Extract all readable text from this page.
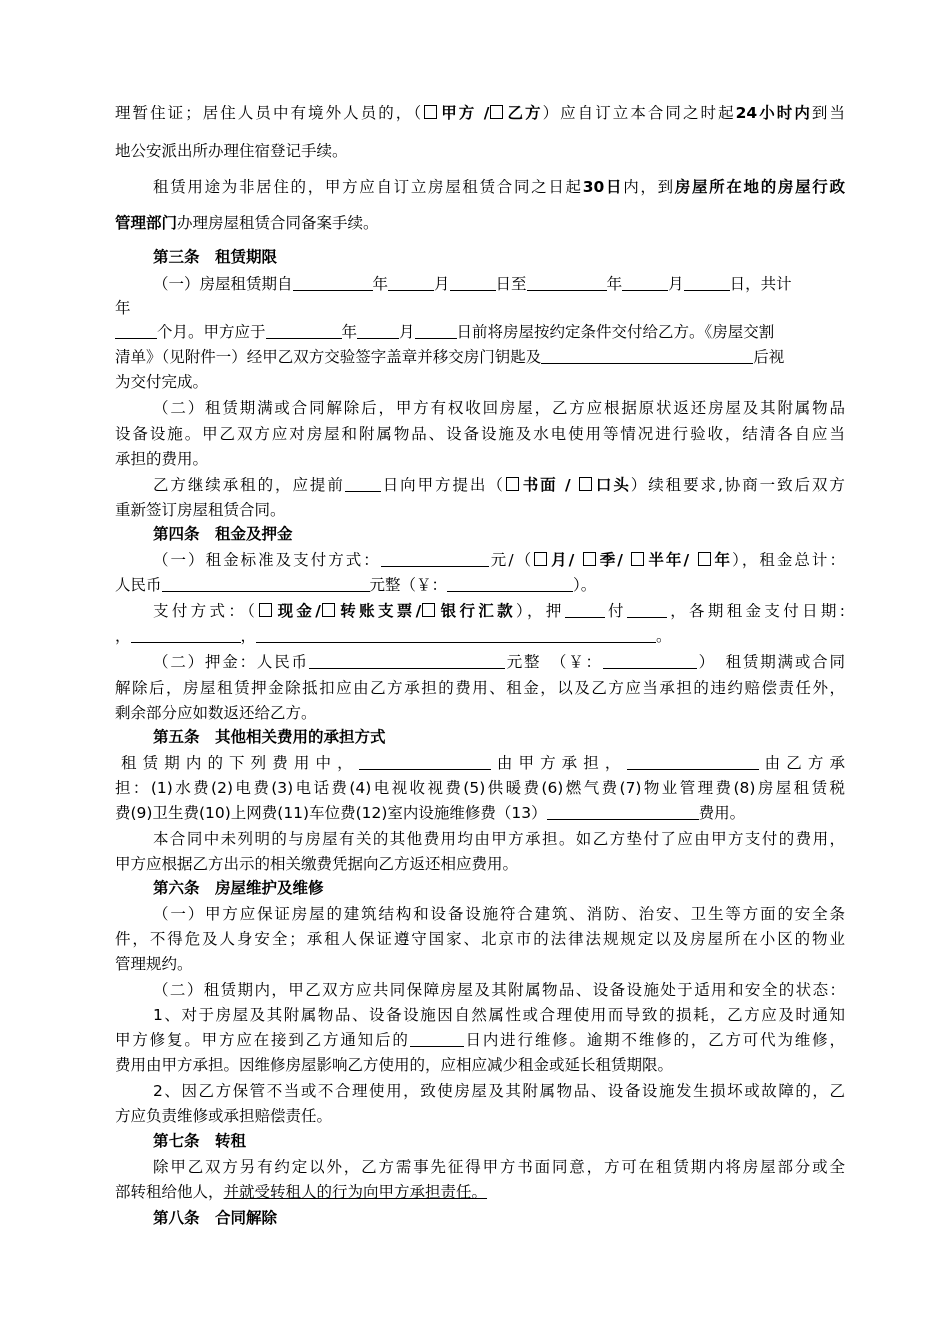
理暂住证；居住人员中有境外人员的，（ 甲方 / 乙方）应自订立本合同之时起24小时内到当
地公安派出所办理住宿登记手续。
租赁用途为非居住的，甲方应自订立房屋租赁合同之日起30日内，到房屋所在地的房屋行政
管理部门办理房屋租赁合同备案手续。
第三条　租赁期限
（一）房屋租赁期自	年	月	日至	年	月	日，共计
年
个月。甲方应于	年	月	日前将房屋按约定条件交付给乙方。《房屋交割
清单》（见附件一）经甲乙双方交验签字盖章并移交房门钥匙及	后视
为交付完成。
（二）租赁期满或合同解除后，甲方有权收回房屋，乙方应根据原状返还房屋及其附属物品
设备设施。甲乙双方应对房屋和附属物品、设备设施及水电使用等情况进行验收，结清各自应当
承担的费用。
乙方继续承租的，应提前 日向甲方提出（ 书面 / 口头）续租要求,协商一致后双方
重新签订房屋租赁合同。
第四条　租金及押金
（一）租金标准及支付方式：	元/（ 月/ 季/ 半年/ 年），租金总计：
人民币	元整（￥：	）。
支付方式：（ 现金/ 转账支票/ 银行汇款），押	付	，各期租金支付日期:
，	，	。
（二）押金：人民币	元整　（￥：	）　租赁期满或合同
解除后，房屋租赁押金除抵扣应由乙方承担的费用、租金，以及乙方应当承担的违约赔偿责任外，
剩余部分应如数返还给乙方。
第五条　其他相关费用的承担方式
租赁期内的下列费用中，	由甲方承担，	由乙方承
担：(1)水费(2)电费(3)电话费(4)电视收视费(5)供暖费(6)燃气费(7)物业管理费(8)房屋租赁税
费(9)卫生费(10)上网费(11)车位费(12)室内设施维修费（13）	费用。
本合同中未列明的与房屋有关的其他费用均由甲方承担。如乙方垫付了应由甲方支付的费用，
甲方应根据乙方出示的相关缴费凭据向乙方返还相应费用。
第六条　房屋维护及维修
（一）甲方应保证房屋的建筑结构和设备设施符合建筑、消防、治安、卫生等方面的安全条
件，不得危及人身安全；承租人保证遵守国家、北京市的法律法规规定以及房屋所在小区的物业
管理规约。
（二）租赁期内，甲乙双方应共同保障房屋及其附属物品、设备设施处于适用和安全的状态：
1、对于房屋及其附属物品、设备设施因自然属性或合理使用而导致的损耗，乙方应及时通知
甲方修复。甲方应在接到乙方通知后的	日内进行维修。逾期不维修的，乙方可代为维修，
费用由甲方承担。因维修房屋影响乙方使用的，应相应减少租金或延长租赁期限。
2、因乙方保管不当或不合理使用，致使房屋及其附属物品、设备设施发生损坏或故障的，乙
方应负责维修或承担赔偿责任。
第七条　转租
除甲乙双方另有约定以外，乙方需事先征得甲方书面同意，方可在租赁期内将房屋部分或全
部转租给他人，并就受转租人的行为向甲方承担责任。
第八条　合同解除
